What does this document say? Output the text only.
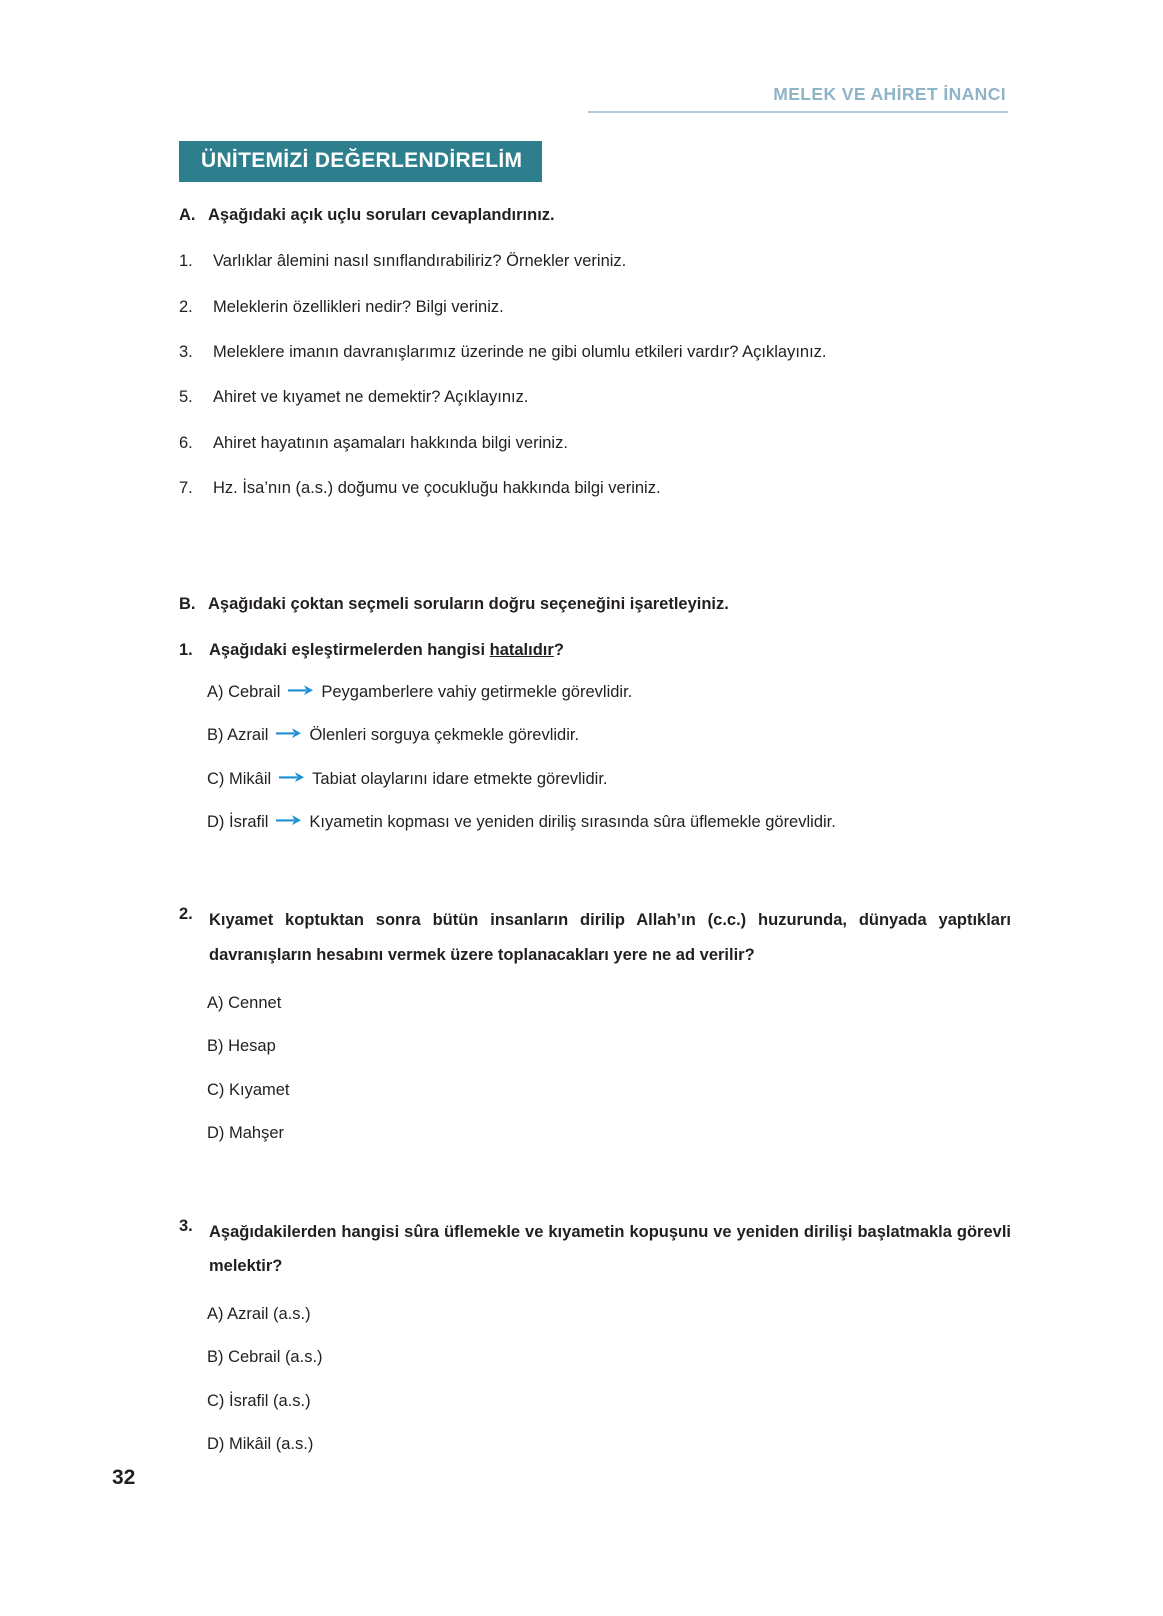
MELEK VE AHİRET İNANCI
ÜNİTEMİZİ DEĞERLENDİRELİM
A. Aşağıdaki açık uçlu soruları cevaplandırınız.
1.	Varlıklar âlemini nasıl sınıflandırabiliriz? Örnekler veriniz.
2.	Meleklerin özellikleri nedir? Bilgi veriniz.
3.	Meleklere imanın davranışlarımız üzerinde ne gibi olumlu etkileri vardır? Açıklayınız.
5.	Ahiret ve kıyamet ne demektir? Açıklayınız.
6.	Ahiret hayatının aşamaları hakkında bilgi veriniz.
7.	Hz. İsa’nın (a.s.) doğumu ve çocukluğu hakkında bilgi veriniz.
B. Aşağıdaki çoktan seçmeli soruların doğru seçeneğini işaretleyiniz.
1. Aşağıdaki eşleştirmelerden hangisi hatalıdır?
A) Cebrail Peygamberlere vahiy getirmekle görevlidir.
B) Azrail Ölenleri sorguya çekmekle görevlidir.
C) Mikâil Tabiat olaylarını idare etmekte görevlidir.
D) İsrafil Kıyametin kopması ve yeniden diriliş sırasında sûra üflemekle görevlidir.
2. Kıyamet koptuktan sonra bütün insanların dirilip Allah’ın (c.c.) huzurunda, dünyada yaptıkları davranışların hesabını vermek üzere toplanacakları yere ne ad verilir?
A) Cennet
B) Hesap
C) Kıyamet
D) Mahşer
3. Aşağıdakilerden hangisi sûra üflemekle ve kıyametin kopuşunu ve yeniden dirilişi başlatmakla görevli melektir?
A) Azrail (a.s.)
B) Cebrail (a.s.)
C) İsrafil (a.s.)
D) Mikâil (a.s.)
32
